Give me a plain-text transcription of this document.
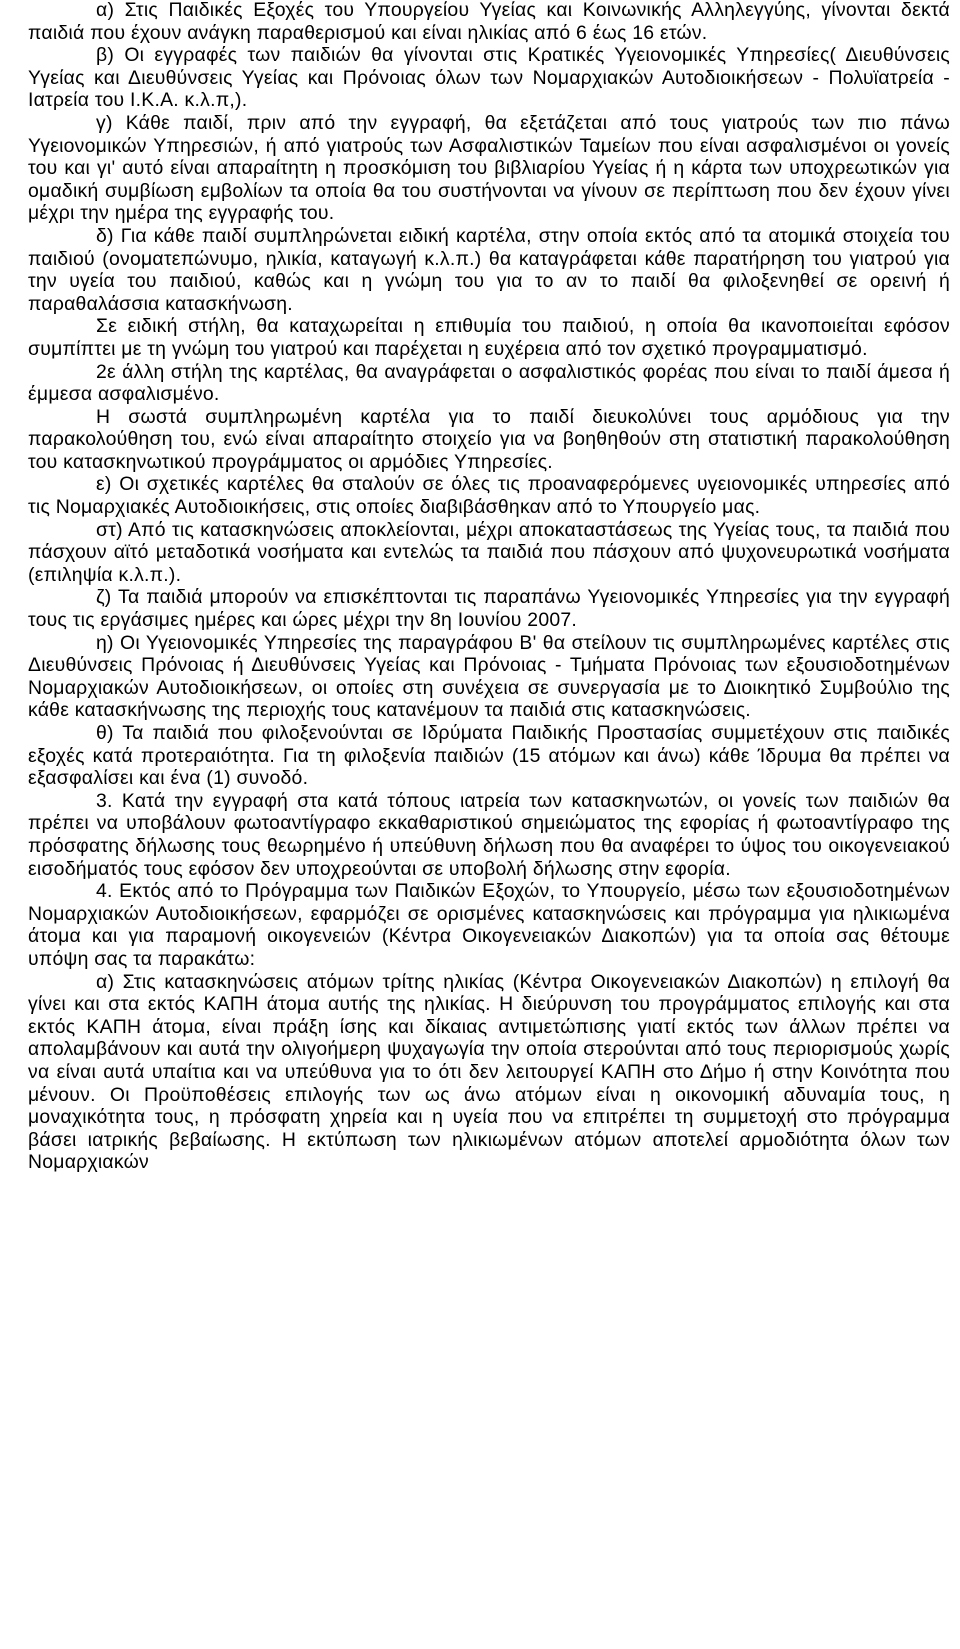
α) Στις Παιδικές Εξοχές του Υπουργείου Υγείας και Κοινωνικής Αλληλεγγύης, γίνονται δεκτά παιδιά που έχουν ανάγκη παραθερισμού και είναι ηλικίας από 6 έως 16 ετών.

β) Οι εγγραφές των παιδιών θα γίνονται στις Κρατικές Υγειονομικές Υπηρεσίες( Διευθύνσεις Υγείας και Διευθύνσεις Υγείας και Πρόνοιας όλων των Νομαρχιακών Αυτοδιοικήσεων - Πολυϊατρεία - Ιατρεία του Ι.Κ.Α. κ.λ.π,).

γ) Κάθε παιδί, πριν από την εγγραφή, θα εξετάζεται από τους γιατρούς των πιο πάνω Υγειονομικών Υπηρεσιών, ή από γιατρούς των Ασφαλιστικών Ταμείων που είναι ασφαλισμένοι οι γονείς του και γι' αυτό είναι απαραίτητη η προσκόμιση του βιβλιαρίου Υγείας ή η κάρτα των υποχρεωτικών για ομαδική συμβίωση εμβολίων τα οποία θα του συστήνονται να γίνουν σε περίπτωση που δεν έχουν γίνει μέχρι την ημέρα της εγγραφής του.

δ) Για κάθε παιδί συμπληρώνεται ειδική καρτέλα, στην οποία εκτός από τα ατομικά στοιχεία του παιδιού (ονοματεπώνυμο, ηλικία, καταγωγή κ.λ.π.) θα καταγράφεται κάθε παρατήρηση του γιατρού για την υγεία του παιδιού, καθώς και η γνώμη του για το αν το παιδί θα φιλοξενηθεί σε ορεινή ή παραθαλάσσια κατασκήνωση.

Σε ειδική στήλη, θα καταχωρείται η επιθυμία του παιδιού, η οποία θα ικανοποιείται εφόσον συμπίπτει με τη γνώμη του γιατρού και παρέχεται η ευχέρεια από τον σχετικό προγραμματισμό.

2ε άλλη στήλη της καρτέλας, θα αναγράφεται ο ασφαλιστικός φορέας που είναι το παιδί άμεσα ή έμμεσα ασφαλισμένο.

Η σωστά συμπληρωμένη καρτέλα για το παιδί διευκολύνει τους αρμόδιους για την παρακολούθηση του, ενώ είναι απαραίτητο στοιχείο για να βοηθηθούν στη στατιστική παρακολούθηση του κατασκηνωτικού προγράμματος οι αρμόδιες Υπηρεσίες.

ε) Οι σχετικές καρτέλες θα σταλούν σε όλες τις προαναφερόμενες υγειονομικές υπηρεσίες από τις Νομαρχιακές Αυτοδιοικήσεις, στις οποίες διαβιβάσθηκαν από το Υπουργείο μας.

στ) Από τις κατασκηνώσεις αποκλείονται, μέχρι αποκαταστάσεως της Υγείας τους, τα παιδιά που πάσχουν αϊτό μεταδοτικά νοσήματα και εντελώς τα παιδιά που πάσχουν από ψυχονευρωτικά νοσήματα (επιληψία κ.λ.π.).

ζ) Τα παιδιά μπορούν να επισκέπτονται τις παραπάνω Υγειονομικές Υπηρεσίες για την εγγραφή τους τις εργάσιμες ημέρες και ώρες μέχρι την 8η Ιουνίου 2007.

η) Οι Υγειονομικές Υπηρεσίες της παραγράφου Β' θα στείλουν τις συμπληρωμένες καρτέλες στις Διευθύνσεις Πρόνοιας ή Διευθύνσεις Υγείας και Πρόνοιας - Τμήματα Πρόνοιας των εξουσιοδοτημένων Νομαρχιακών Αυτοδιοικήσεων, οι οποίες στη συνέχεια σε συνεργασία με το Διοικητικό Συμβούλιο της κάθε κατασκήνωσης της περιοχής τους κατανέμουν τα παιδιά στις κατασκηνώσεις.

θ) Τα παιδιά που φιλοξενούνται σε Ιδρύματα Παιδικής Προστασίας συμμετέχουν στις παιδικές εξοχές κατά προτεραιότητα. Για τη φιλοξενία παιδιών (15 ατόμων και άνω) κάθε Ίδρυμα θα πρέπει να εξασφαλίσει και ένα (1) συνοδό.

3. Κατά την εγγραφή στα κατά τόπους ιατρεία των κατασκηνωτών, οι γονείς των παιδιών θα πρέπει να υποβάλουν φωτοαντίγραφο εκκαθαριστικού σημειώματος της εφορίας ή φωτοαντίγραφο της πρόσφατης δήλωσης τους θεωρημένο ή υπεύθυνη δήλωση που θα αναφέρει το ύψος του οικογενειακού εισοδήματός τους εφόσον δεν υποχρεούνται σε υποβολή δήλωσης στην εφορία.

4. Εκτός από το Πρόγραμμα των Παιδικών Εξοχών, το Υπουργείο, μέσω των εξουσιοδοτημένων Νομαρχιακών Αυτοδιοικήσεων, εφαρμόζει σε ορισμένες κατασκηνώσεις και πρόγραμμα για ηλικιωμένα άτομα και για παραμονή οικογενειών (Κέντρα Οικογενειακών Διακοπών) για τα οποία σας θέτουμε υπόψη σας τα παρακάτω:

α) Στις κατασκηνώσεις ατόμων τρίτης ηλικίας (Κέντρα Οικογενειακών Διακοπών) η επιλογή θα γίνει και στα εκτός ΚΑΠΗ άτομα αυτής της ηλικίας. Η διεύρυνση του προγράμματος επιλογής και στα εκτός ΚΑΠΗ άτομα, είναι πράξη ίσης και δίκαιας αντιμετώπισης γιατί εκτός των άλλων πρέπει να απολαμβάνουν και αυτά την ολιγοήμερη ψυχαγωγία την οποία στερούνται από τους περιορισμούς χωρίς να είναι αυτά υπαίτια και να υπεύθυνα για το ότι δεν λειτουργεί ΚΑΠΗ στο Δήμο ή στην Κοινότητα που μένουν. Οι Προϋποθέσεις επιλογής των ως άνω ατόμων είναι η οικονομική αδυναμία τους, η μοναχικότητα τους, η πρόσφατη χηρεία και η υγεία που να επιτρέπει τη συμμετοχή στο πρόγραμμα βάσει ιατρικής βεβαίωσης. Η εκτύπωση των ηλικιωμένων ατόμων αποτελεί αρμοδιότητα όλων των Νομαρχιακών
